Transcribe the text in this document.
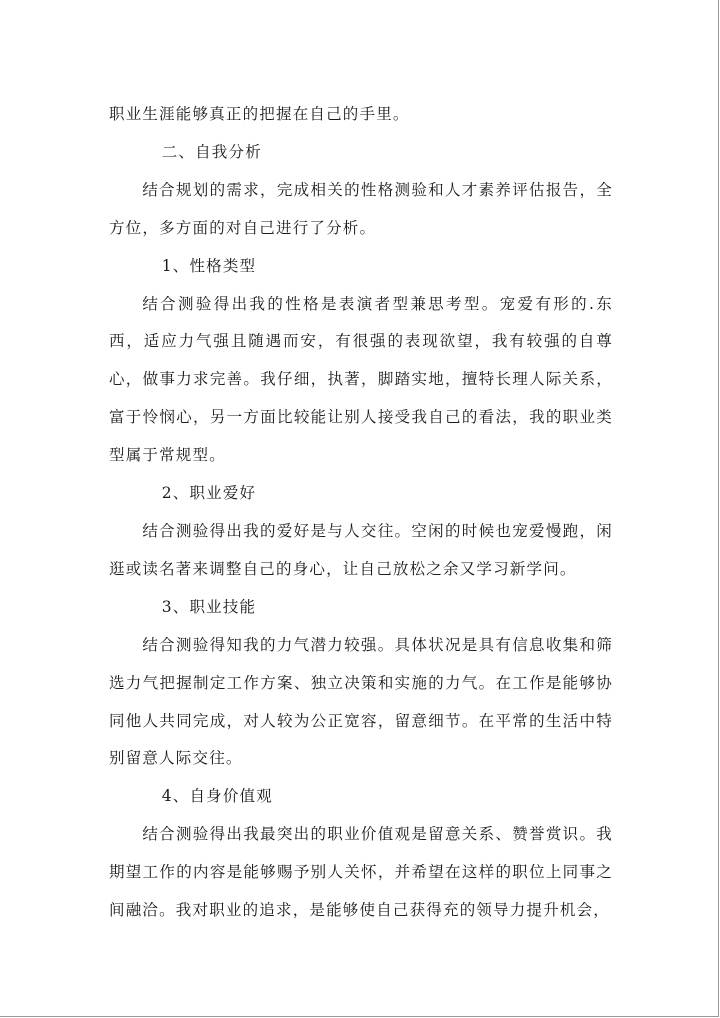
职业生涯能够真正的把握在自己的手里。

二、自我分析

结合规划的需求，完成相关的性格测验和人才素养评估报告，全方位，多方面的对自己进行了分析。

1、性格类型

结合测验得出我的性格是表演者型兼思考型。宠爱有形的.东西，适应力气强且随遇而安，有很强的表现欲望，我有较强的自尊心，做事力求完善。我仔细，执著，脚踏实地，擅特长理人际关系，富于怜悯心，另一方面比较能让别人接受我自己的看法，我的职业类型属于常规型。

2、职业爱好

结合测验得出我的爱好是与人交往。空闲的时候也宠爱慢跑，闲逛或读名著来调整自己的身心，让自己放松之余又学习新学问。

3、职业技能

结合测验得知我的力气潜力较强。具体状况是具有信息收集和筛选力气把握制定工作方案、独立决策和实施的力气。在工作是能够协同他人共同完成，对人较为公正宽容，留意细节。在平常的生活中特别留意人际交往。

4、自身价值观

结合测验得出我最突出的职业价值观是留意关系、赞誉赏识。我期望工作的内容是能够赐予别人关怀，并希望在这样的职位上同事之间融洽。我对职业的追求，是能够使自己获得充的领导力提升机会，
